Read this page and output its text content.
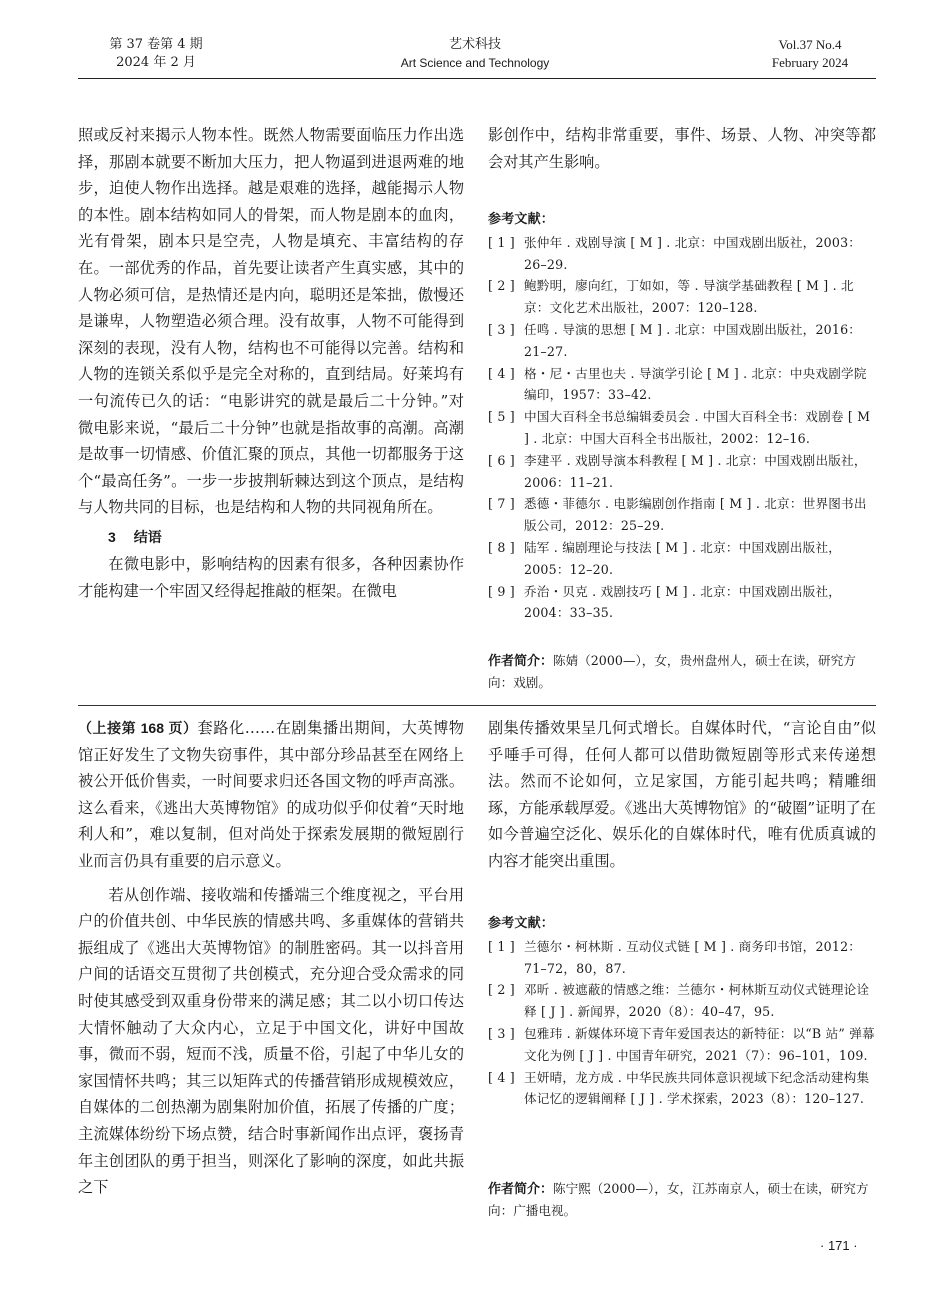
第 37 卷第 4 期
2024 年 2 月
艺术科技
Art Science and Technology
Vol.37 No.4
February 2024

照或反衬来揭示人物本性。既然人物需要面临压力作出选择，那剧本就要不断加大压力，把人物逼到进退两难的地步，迫使人物作出选择。越是艰难的选择，越能揭示人物的本性。剧本结构如同人的骨架，而人物是剧本的血肉，光有骨架，剧本只是空壳，人物是填充、丰富结构的存在。一部优秀的作品，首先要让读者产生真实感，其中的人物必须可信，是热情还是内向，聪明还是笨拙，傲慢还是谦卑，人物塑造必须合理。没有故事，人物不可能得到深刻的表现，没有人物，结构也不可能得以完善。结构和人物的连锁关系似乎是完全对称的，直到结局。好莱坞有一句流传已久的话：“电影讲究的就是最后二十分钟。”对微电影来说，“最后二十分钟”也就是指故事的高潮。高潮是故事一切情感、价值汇聚的顶点，其他一切都服务于这个“最高任务”。一步一步披荆斩棘达到这个顶点，是结构与人物共同的目标，也是结构和人物的共同视角所在。

3 结语

在微电影中，影响结构的因素有很多，各种因素协作才能构建一个牢固又经得起推敲的框架。在微电

影创作中，结构非常重要，事件、场景、人物、冲突等都会对其产生影响。

参考文献：
[ 1 ] 张仲年 . 戏剧导演 [ M ] . 北京：中国戏剧出版社，2003：26–29.
[ 2 ] 鲍黔明，廖向红，丁如如，等 . 导演学基础教程 [ M ] . 北京：文化艺术出版社，2007：120–128.
[ 3 ] 任鸣 . 导演的思想 [ M ] . 北京：中国戏剧出版社，2016：21–27.
[ 4 ] 格・尼・古里也夫 . 导演学引论 [ M ] . 北京：中央戏剧学院编印，1957：33–42.
[ 5 ] 中国大百科全书总编辑委员会 . 中国大百科全书：戏剧卷 [ M ] . 北京：中国大百科全书出版社，2002：12–16.
[ 6 ] 李建平 . 戏剧导演本科教程 [ M ] . 北京：中国戏剧出版社，2006：11–21.
[ 7 ] 悉德・菲德尔 . 电影编剧创作指南 [ M ] . 北京：世界图书出版公司，2012：25–29.
[ 8 ] 陆军 . 编剧理论与技法 [ M ] . 北京：中国戏剧出版社，2005：12–20.
[ 9 ] 乔治・贝克 . 戏剧技巧 [ M ] . 北京：中国戏剧出版社，2004：33–35.
作者简介：陈婧（2000—），女，贵州盘州人，硕士在读，研究方向：戏剧。

（上接第 168 页）套路化……在剧集播出期间，大英博物馆正好发生了文物失窃事件，其中部分珍品甚至在网络上被公开低价售卖，一时间要求归还各国文物的呼声高涨。这么看来，《逃出大英博物馆》的成功似乎仰仗着“天时地利人和”，难以复制，但对尚处于探索发展期的微短剧行业而言仍具有重要的启示意义。

若从创作端、接收端和传播端三个维度视之，平台用户的价值共创、中华民族的情感共鸣、多重媒体的营销共振组成了《逃出大英博物馆》的制胜密码。其一以抖音用户间的话语交互贯彻了共创模式，充分迎合受众需求的同时使其感受到双重身份带来的满足感；其二以小切口传达大情怀触动了大众内心，立足于中国文化，讲好中国故事，微而不弱，短而不浅，质量不俗，引起了中华儿女的家国情怀共鸣；其三以矩阵式的传播营销形成规模效应，自媒体的二创热潮为剧集附加价值，拓展了传播的广度；主流媒体纷纷下场点赞，结合时事新闻作出点评，褒扬青年主创团队的勇于担当，则深化了影响的深度，如此共振之下

剧集传播效果呈几何式增长。自媒体时代，“言论自由”似乎唾手可得，任何人都可以借助微短剧等形式来传递想法。然而不论如何，立足家国，方能引起共鸣；精雕细琢，方能承载厚爱。《逃出大英博物馆》的“破圈”证明了在如今普遍空泛化、娱乐化的自媒体时代，唯有优质真诚的内容才能突出重围。

参考文献：
[ 1 ] 兰德尔・柯林斯 . 互动仪式链 [ M ] . 商务印书馆，2012：71–72，80，87.
[ 2 ] 邓昕 . 被遮蔽的情感之维：兰德尔・柯林斯互动仪式链理论诠释 [ J ] . 新闻界，2020（8）：40–47，95.
[ 3 ] 包雅玮 . 新媒体环境下青年爱国表达的新特征：以“B 站” 弹幕文化为例 [ J ] . 中国青年研究，2021（7）：96–101，109.
[ 4 ] 王妍晴，龙方成 . 中华民族共同体意识视域下纪念活动建构集体记忆的逻辑阐释 [ J ] . 学术探索，2023（8）：120–127.
作者简介：陈宁熙（2000—），女，江苏南京人，硕士在读，研究方向：广播电视。
· 171 ·
